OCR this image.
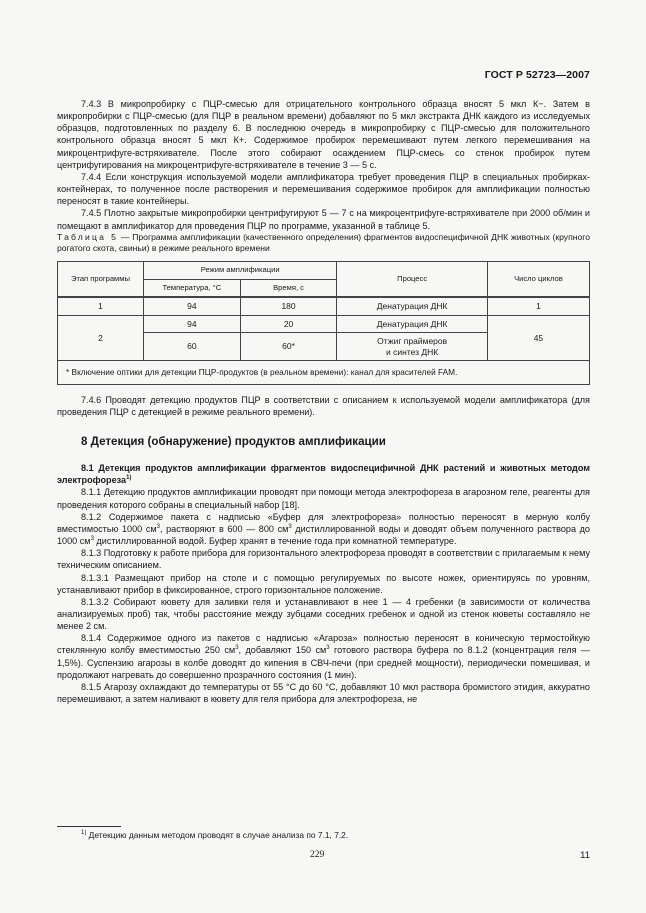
ГОСТ Р 52723—2007

7.4.3 В микропробирку с ПЦР-смесью для отрицательного контрольного образца вносят 5 мкл К−. Затем в микропробирки с ПЦР-смесью (для ПЦР в реальном времени) добавляют по 5 мкл экстракта ДНК каждого из исследуемых образцов, подготовленных по разделу 6. В последнюю очередь в микропробирку с ПЦР-смесью для положительного контрольного образца вносят 5 мкл К+. Содержимое пробирок перемешивают путем легкого перемешивания на микроцентрифуге-встряхивателе. После этого собирают осаждением ПЦР-смесь со стенок пробирок путем центрифугирования на микроцентрифуге-встряхивателе в течение 3 — 5 с.

7.4.4 Если конструкция используемой модели амплификатора требует проведения ПЦР в специальных пробирках-контейнерах, то полученное после растворения и перемешивания содержимое пробирок для амплификации полностью переносят в такие контейнеры.

7.4.5 Плотно закрытые микропробирки центрифугируют 5 — 7 с на микроцентрифуге-встряхивателе при 2000 об/мин и помещают в амплификатор для проведения ПЦР по программе, указанной в таблице 5.

Таблица 5 — Программа амплификации (качественного определения) фрагментов видоспецифичной ДНК животных (крупного рогатого скота, свиньи) в режиме реального времени

Этап программы	Режим амплификации		Процесс	Число циклов
	Температура, °С	Время, с		
1	94	180	Денатурация ДНК	1
2	94	20	Денатурация ДНК	45
	60	60*	Отжиг праймеров
и синтез ДНК	
* Включение оптики для детекции ПЦР-продуктов (в реальном времени): канал для красителей FAM.				

7.4.6 Проводят детекцию продуктов ПЦР в соответствии с описанием к используемой модели амплификатора (для проведения ПЦР с детекцией в режиме реального времени).

8 Детекция (обнаружение) продуктов амплификации

8.1 Детекция продуктов амплификации фрагментов видоспецифичной ДНК растений и животных методом электрофореза$^{1)}$

8.1.1 Детекцию продуктов амплификации проводят при помощи метода электрофореза в агарозном геле, реагенты для проведения которого собраны в специальный набор [18].

8.1.2 Содержимое пакета с надписью «Буфер для электрофореза» полностью переносят в мерную колбу вместимостью 1000 $см^3$, растворяют в 600 — 800 $см^3$ дистиллированной воды и доводят объем полученного раствора до 1000 $см^3$ дистиллированной водой. Буфер хранят в течение года при комнатной температуре.

8.1.3 Подготовку к работе прибора для горизонтального электрофореза проводят в соответствии с прилагаемым к нему техническим описанием.

8.1.3.1 Размещают прибор на столе и с помощью регулируемых по высоте ножек, ориентируясь по уровням, устанавливают прибор в фиксированное, строго горизонтальное положение.

8.1.3.2 Собирают кювету для заливки геля и устанавливают в нее 1 — 4 гребенки (в зависимости от количества анализируемых проб) так, чтобы расстояние между зубцами соседних гребенок и одной из стенок кюветы составляло не менее 2 см.

8.1.4 Содержимое одного из пакетов с надписью «Агароза» полностью переносят в коническую термостойкую стеклянную колбу вместимостью 250 $см^3$, добавляют 150 $см^3$ готового раствора буфера по 8.1.2 (концентрация геля — 1,5%). Суспензию агарозы в колбе доводят до кипения в СВЧ-печи (при средней мощности), периодически помешивая, и продолжают нагревать до совершенно прозрачного состояния (1 мин).

8.1.5 Агарозу охлаждают до температуры от 55 °С до 60 °С, добавляют 10 мкл раствора бромистого этидия, аккуратно перемешивают, а затем наливают в кювету для геля прибора для электрофореза, не

$^{1)}$ Детекцию данным методом проводят в случае анализа по 7.1, 7.2.
229	11
